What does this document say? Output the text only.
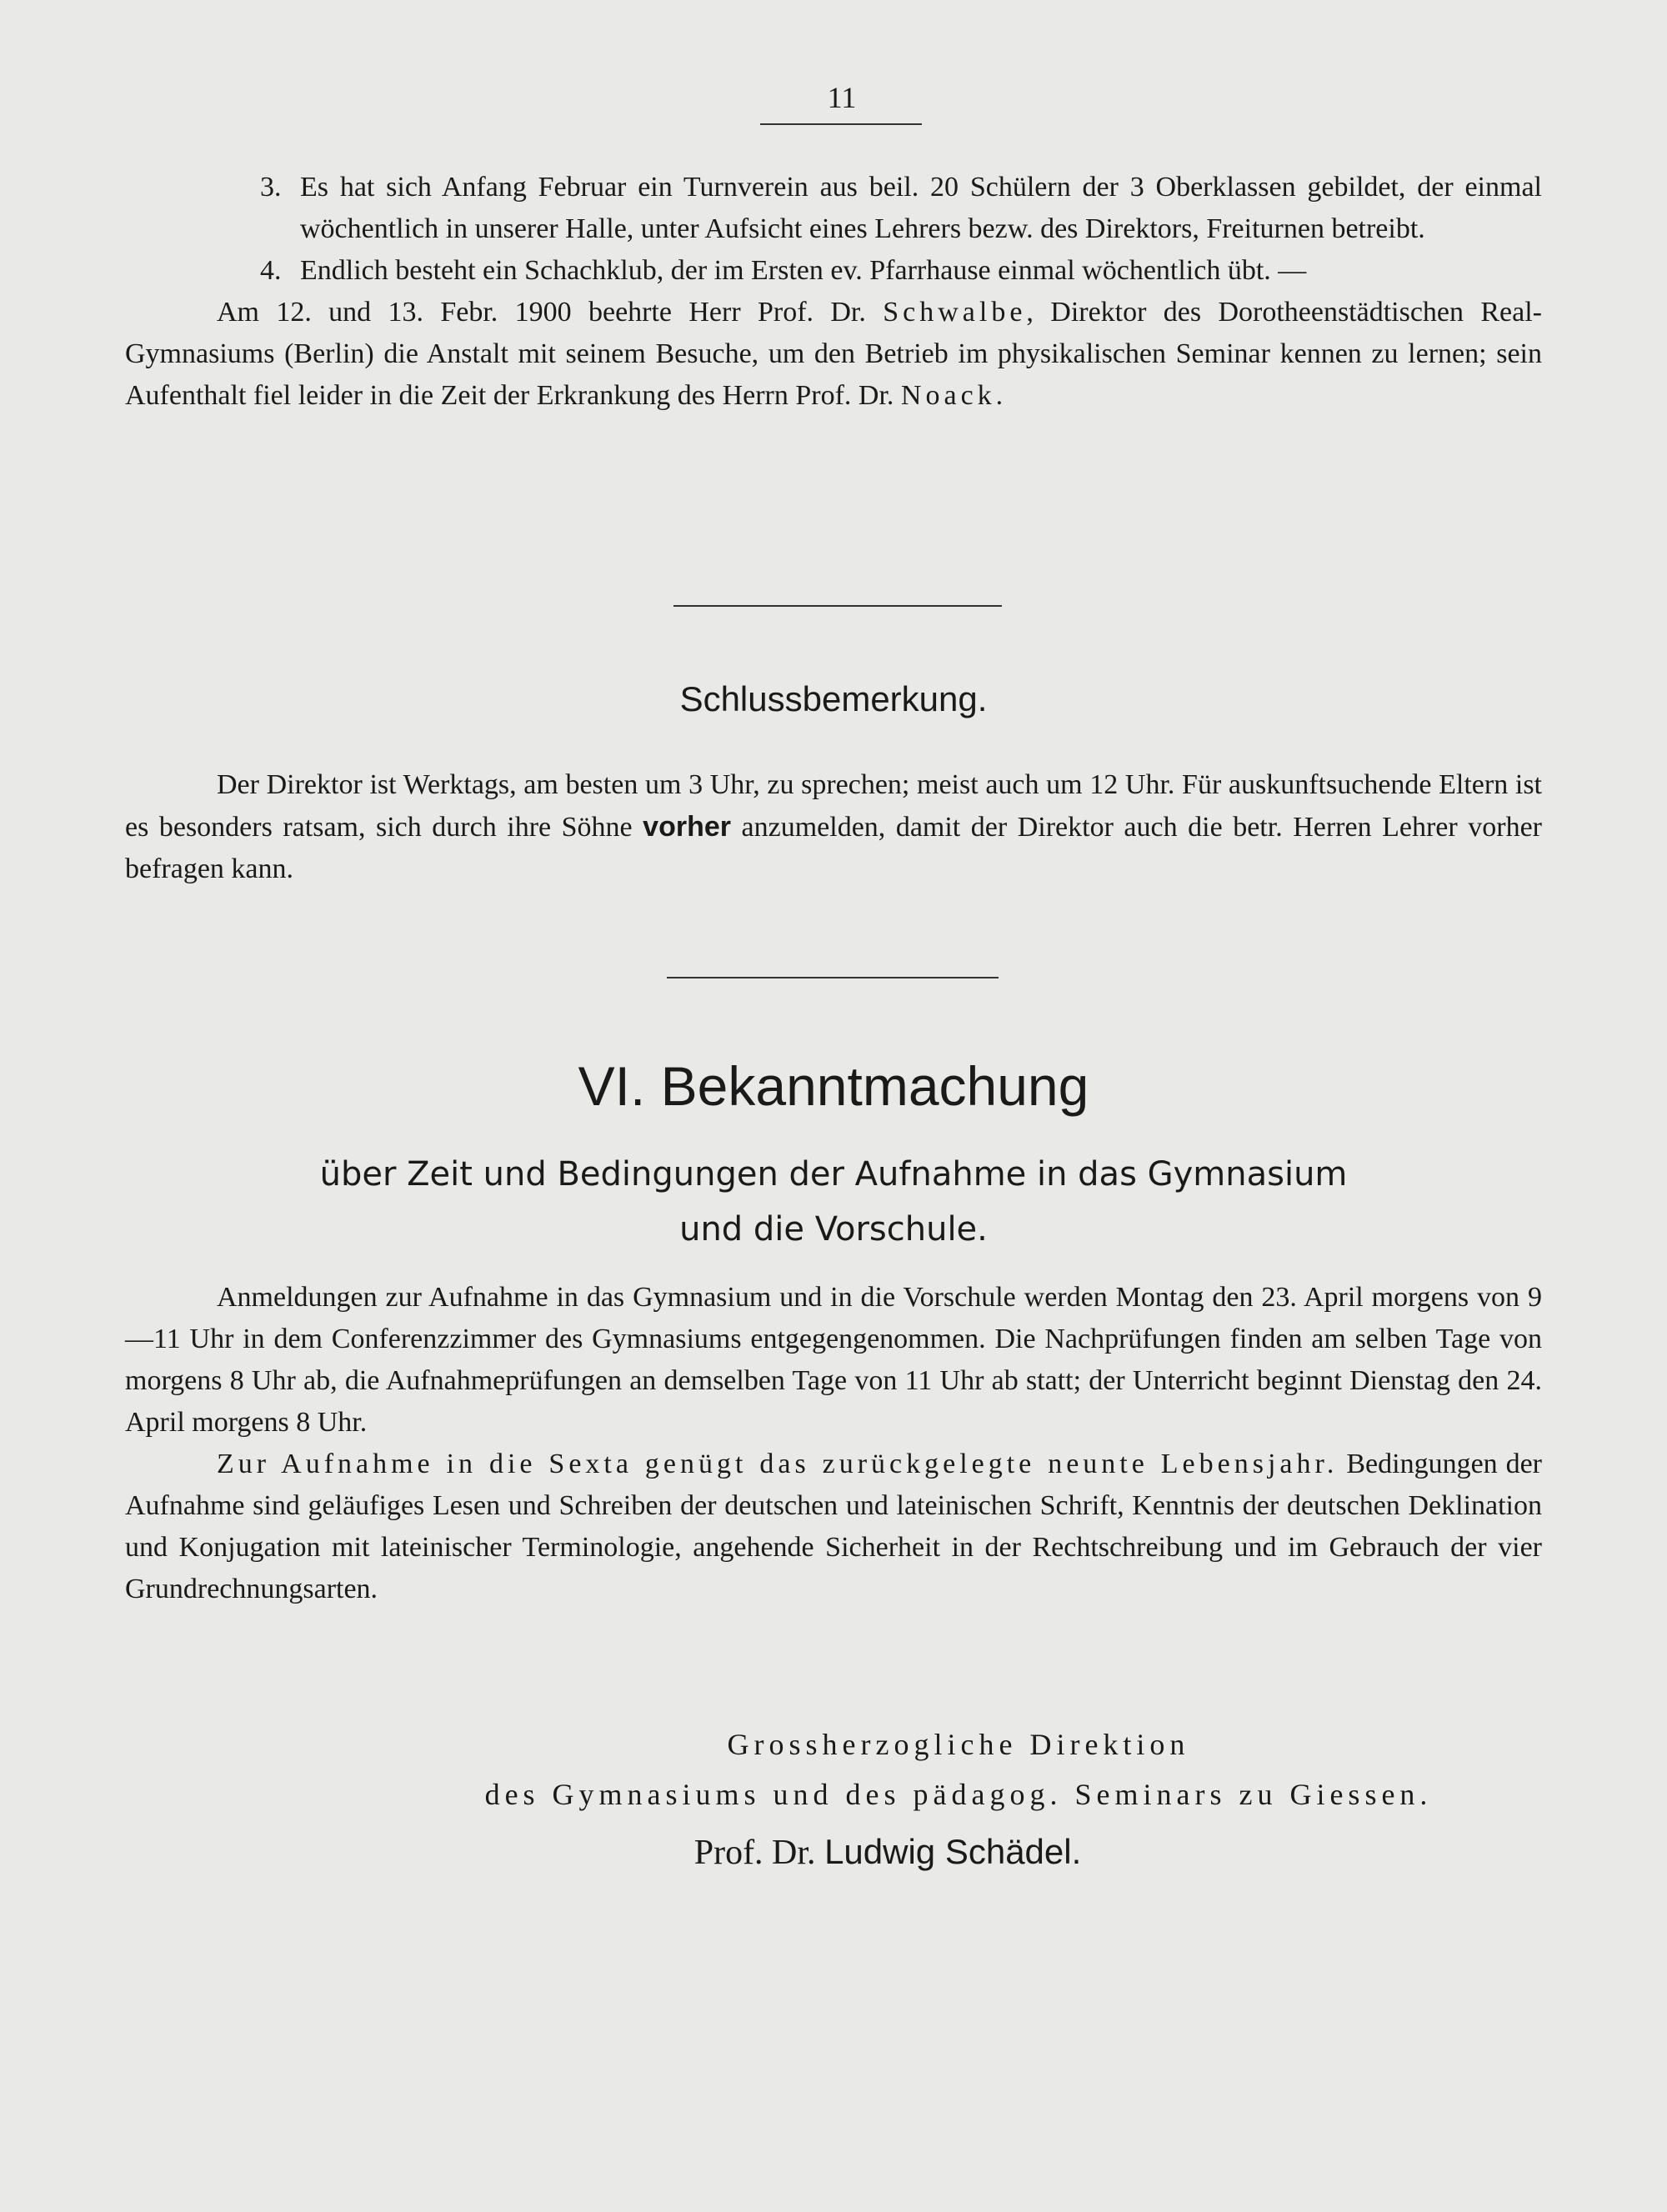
11
3. Es hat sich Anfang Februar ein Turnverein aus beil. 20 Schülern der 3 Oberklassen gebildet, der einmal wöchentlich in unserer Halle, unter Aufsicht eines Lehrers bezw. des Direktors, Freiturnen betreibt.
4. Endlich besteht ein Schachklub, der im Ersten ev. Pfarrhause einmal wöchentlich übt. —

Am 12. und 13. Febr. 1900 beehrte Herr Prof. Dr. Schwalbe, Direktor des Dorotheenstädtischen Real-Gymnasiums (Berlin) die Anstalt mit seinem Besuche, um den Betrieb im physikalischen Seminar kennen zu lernen; sein Aufenthalt fiel leider in die Zeit der Erkrankung des Herrn Prof. Dr. Noack.

Schlussbemerkung.

Der Direktor ist Werktags, am besten um 3 Uhr, zu sprechen; meist auch um 12 Uhr. Für auskunftsuchende Eltern ist es besonders ratsam, sich durch ihre Söhne vorher anzumelden, damit der Direktor auch die betr. Herren Lehrer vorher befragen kann.

VI. Bekanntmachung
über Zeit und Bedingungen der Aufnahme in das Gymnasium
und die Vorschule.

Anmeldungen zur Aufnahme in das Gymnasium und in die Vorschule werden Montag den 23. April morgens von 9—11 Uhr in dem Conferenzzimmer des Gymnasiums entgegengenommen. Die Nachprüfungen finden am selben Tage von morgens 8 Uhr ab, die Aufnahmeprüfungen an demselben Tage von 11 Uhr ab statt; der Unterricht beginnt Dienstag den 24. April morgens 8 Uhr.

Zur Aufnahme in die Sexta genügt das zurückgelegte neunte Lebensjahr. Bedingungen der Aufnahme sind geläufiges Lesen und Schreiben der deutschen und lateinischen Schrift, Kenntnis der deutschen Deklination und Konjugation mit lateinischer Terminologie, angehende Sicherheit in der Rechtschreibung und im Gebrauch der vier Grundrechnungsarten.

Grossherzogliche Direktion
des Gymnasiums und des pädagog. Seminars zu Giessen.
Prof. Dr. Ludwig Schädel.
